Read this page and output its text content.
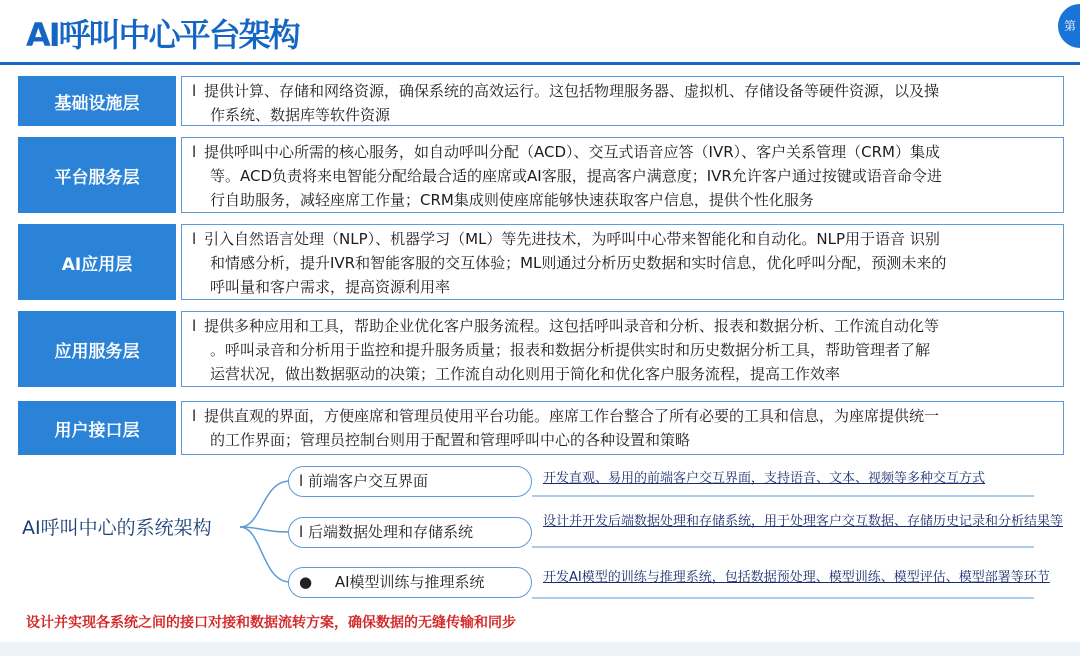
AI呼叫中心平台架构	第
基础设施层
l 提供计算、存储和网络资源，确保系统的高效运行。这包括物理服务器、虚拟机、存储设备等硬件资源，以及操
作系统、数据库等软件资源
平台服务层
l 提供呼叫中心所需的核心服务，如自动呼叫分配（ACD）、交互式语音应答（IVR）、客户关系管理（CRM）集成
等。ACD负责将来电智能分配给最合适的座席或AI客服，提高客户满意度；IVR允许客户通过按键或语音命令进
行自助服务，减轻座席工作量；CRM集成则使座席能够快速获取客户信息，提供个性化服务
AI应用层
l 引入自然语言处理（NLP）、机器学习（ML）等先进技术，为呼叫中心带来智能化和自动化。NLP用于语音 识别
和情感分析，提升IVR和智能客服的交互体验；ML则通过分析历史数据和实时信息，优化呼叫分配，预测未来的
呼叫量和客户需求，提高资源利用率
应用服务层
l 提供多种应用和工具，帮助企业优化客户服务流程。这包括呼叫录音和分析、报表和数据分析、工作流自动化等
。呼叫录音和分析用于监控和提升服务质量；报表和数据分析提供实时和历史数据分析工具，帮助管理者了解
运营状况，做出数据驱动的决策；工作流自动化则用于简化和优化客户服务流程，提高工作效率
用户接口层
l 提供直观的界面，方便座席和管理员使用平台功能。座席工作台整合了所有必要的工具和信息，为座席提供统一
的工作界面；管理员控制台则用于配置和管理呼叫中心的各种设置和策略
AI呼叫中心的系统架构
l 前端客户交互界面	开发直观、易用的前端客户交互界面，支持语音、文本、视频等多种交互方式
l 后端数据处理和存储系统
设计并开发后端数据处理和存储系统，用于处理客户交互数据、存储历史记录和分析结果等
● AI模型训练与推理系统	开发AI模型的训练与推理系统，包括数据预处理、模型训练、模型评估、模型部署等环节
设计并实现各系统之间的接口对接和数据流转方案，确保数据的无缝传输和同步
